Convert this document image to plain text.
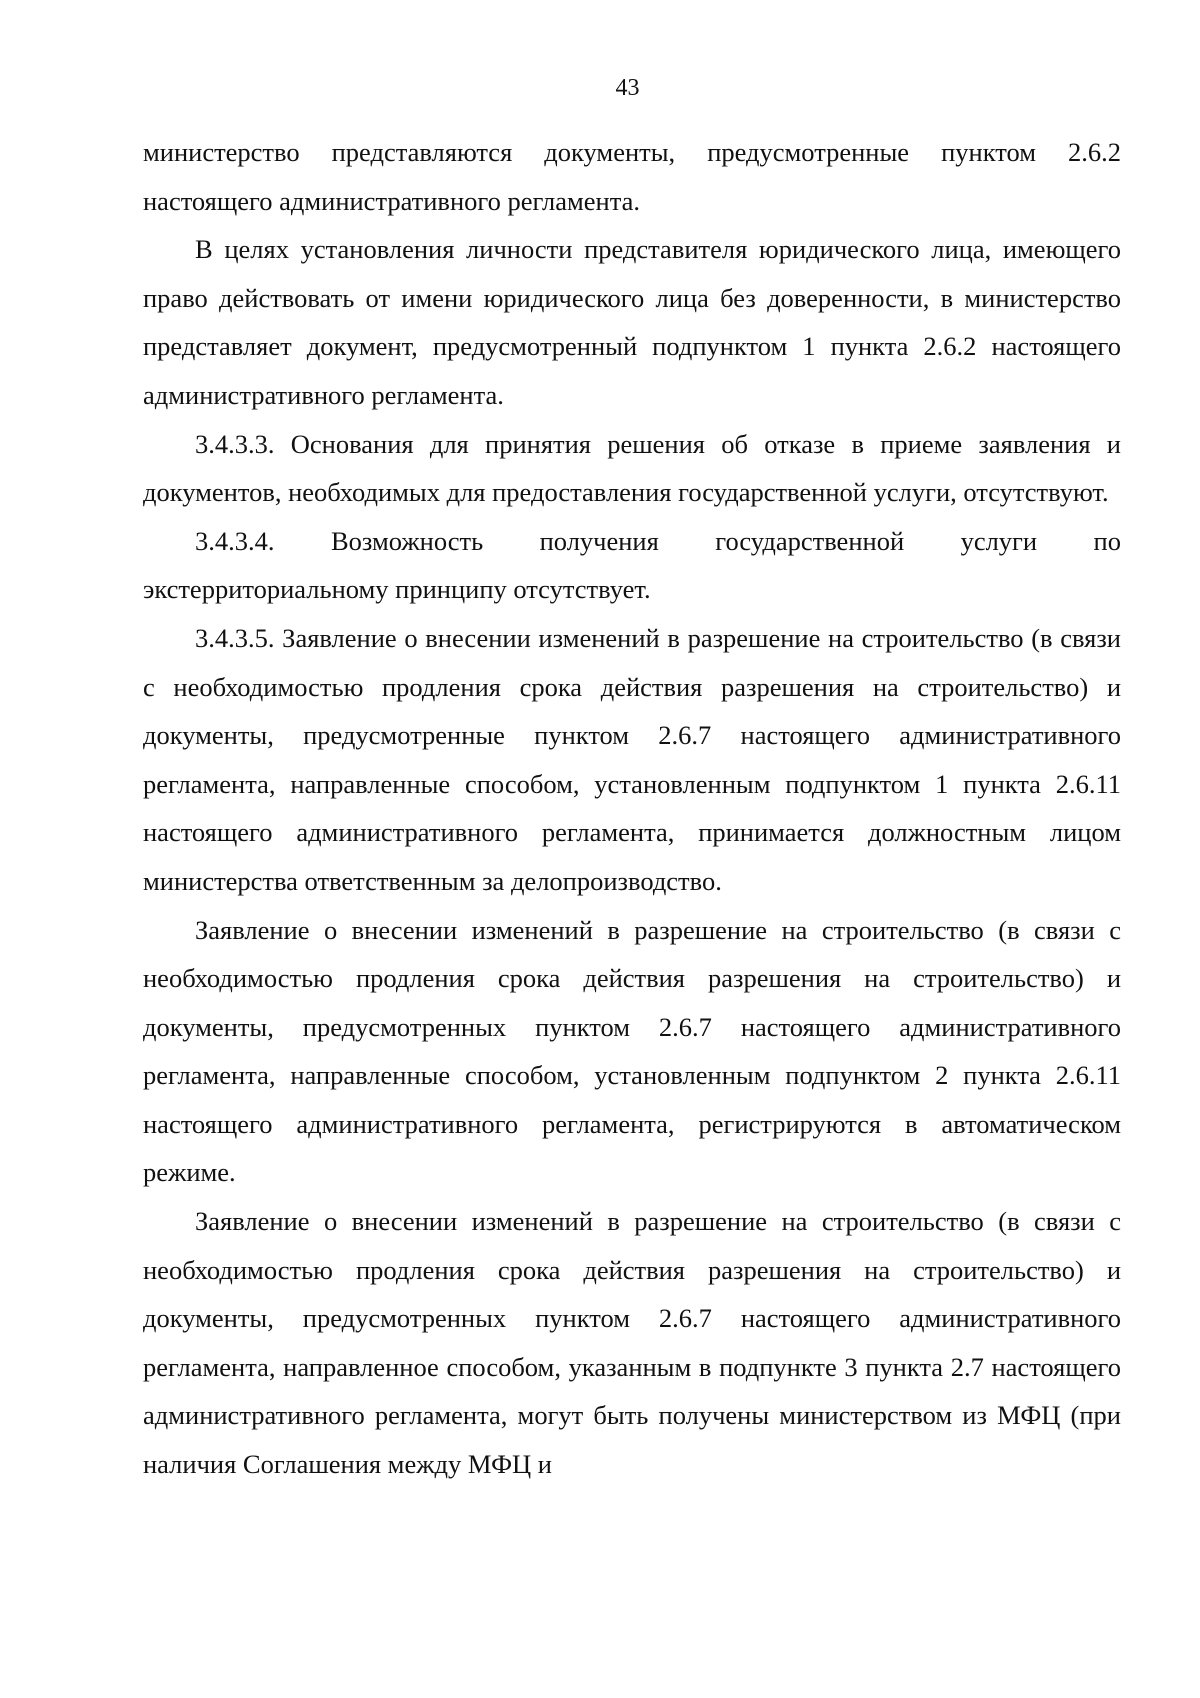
43

министерство представляются документы, предусмотренные пунктом 2.6.2 настоящего административного регламента.

В целях установления личности представителя юридического лица, имеющего право действовать от имени юридического лица без доверенности, в министерство представляет документ, предусмотренный подпунктом 1 пункта 2.6.2 настоящего административного регламента.

3.4.3.3. Основания для принятия решения об отказе в приеме заявления и документов, необходимых для предоставления государственной услуги, отсутствуют.

3.4.3.4. Возможность получения государственной услуги по экстерриториальному принципу отсутствует.

3.4.3.5. Заявление о внесении изменений в разрешение на строительство (в связи с необходимостью продления срока действия разрешения на строительство) и документы, предусмотренные пунктом 2.6.7 настоящего административного регламента, направленные способом, установленным подпунктом 1 пункта 2.6.11 настоящего административного регламента, принимается должностным лицом министерства ответственным за делопроизводство.

Заявление о внесении изменений в разрешение на строительство (в связи с необходимостью продления срока действия разрешения на строительство) и документы, предусмотренных пунктом 2.6.7 настоящего административного регламента, направленные способом, установленным подпунктом 2 пункта 2.6.11 настоящего административного регламента, регистрируются в автоматическом режиме.

Заявление о внесении изменений в разрешение на строительство (в связи с необходимостью продления срока действия разрешения на строительство) и документы, предусмотренных пунктом 2.6.7 настоящего административного регламента, направленное способом, указанным в подпункте 3 пункта 2.7 настоящего административного регламента, могут быть получены министерством из МФЦ (при наличия Соглашения между МФЦ и
